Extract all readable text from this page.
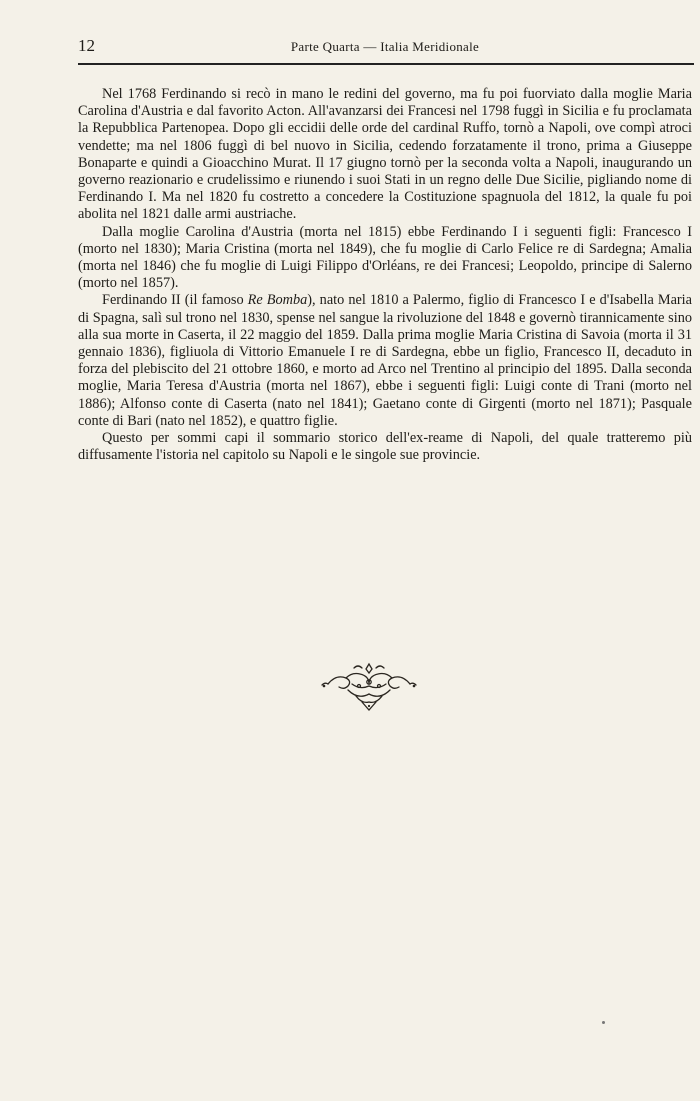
12	Parte Quarta — Italia Meridionale

Nel 1768 Ferdinando si recò in mano le redini del governo, ma fu poi fuorviato dalla moglie Maria Carolina d'Austria e dal favorito Acton. All'avanzarsi dei Francesi nel 1798 fuggì in Sicilia e fu proclamata la Repubblica Partenopea. Dopo gli eccidii delle orde del cardinal Ruffo, tornò a Napoli, ove compì atroci vendette; ma nel 1806 fuggì di bel nuovo in Sicilia, cedendo forzatamente il trono, prima a Giuseppe Bonaparte e quindi a Gioacchino Murat. Il 17 giugno tornò per la seconda volta a Napoli, inaugurando un governo reazionario e crudelissimo e riunendo i suoi Stati in un regno delle Due Sicilie, pigliando nome di Ferdinando I. Ma nel 1820 fu costretto a concedere la Costituzione spagnuola del 1812, la quale fu poi abolita nel 1821 dalle armi austriache.

Dalla moglie Carolina d'Austria (morta nel 1815) ebbe Ferdinando I i seguenti figli: Francesco I (morto nel 1830); Maria Cristina (morta nel 1849), che fu moglie di Carlo Felice re di Sardegna; Amalia (morta nel 1846) che fu moglie di Luigi Filippo d'Orléans, re dei Francesi; Leopoldo, principe di Salerno (morto nel 1857).

Ferdinando II (il famoso Re Bomba), nato nel 1810 a Palermo, figlio di Francesco I e d'Isabella Maria di Spagna, salì sul trono nel 1830, spense nel sangue la rivoluzione del 1848 e governò tirannicamente sino alla sua morte in Caserta, il 22 maggio del 1859. Dalla prima moglie Maria Cristina di Savoia (morta il 31 gennaio 1836), figliuola di Vittorio Emanuele I re di Sardegna, ebbe un figlio, Francesco II, decaduto in forza del plebiscito del 21 ottobre 1860, e morto ad Arco nel Trentino al principio del 1895. Dalla seconda moglie, Maria Teresa d'Austria (morta nel 1867), ebbe i seguenti figli: Luigi conte di Trani (morto nel 1886); Alfonso conte di Caserta (nato nel 1841); Gaetano conte di Girgenti (morto nel 1871); Pasquale conte di Bari (nato nel 1852), e quattro figlie.

Questo per sommi capi il sommario storico dell'ex-reame di Napoli, del quale tratteremo più diffusamente l'istoria nel capitolo su Napoli e le singole sue provincie.
